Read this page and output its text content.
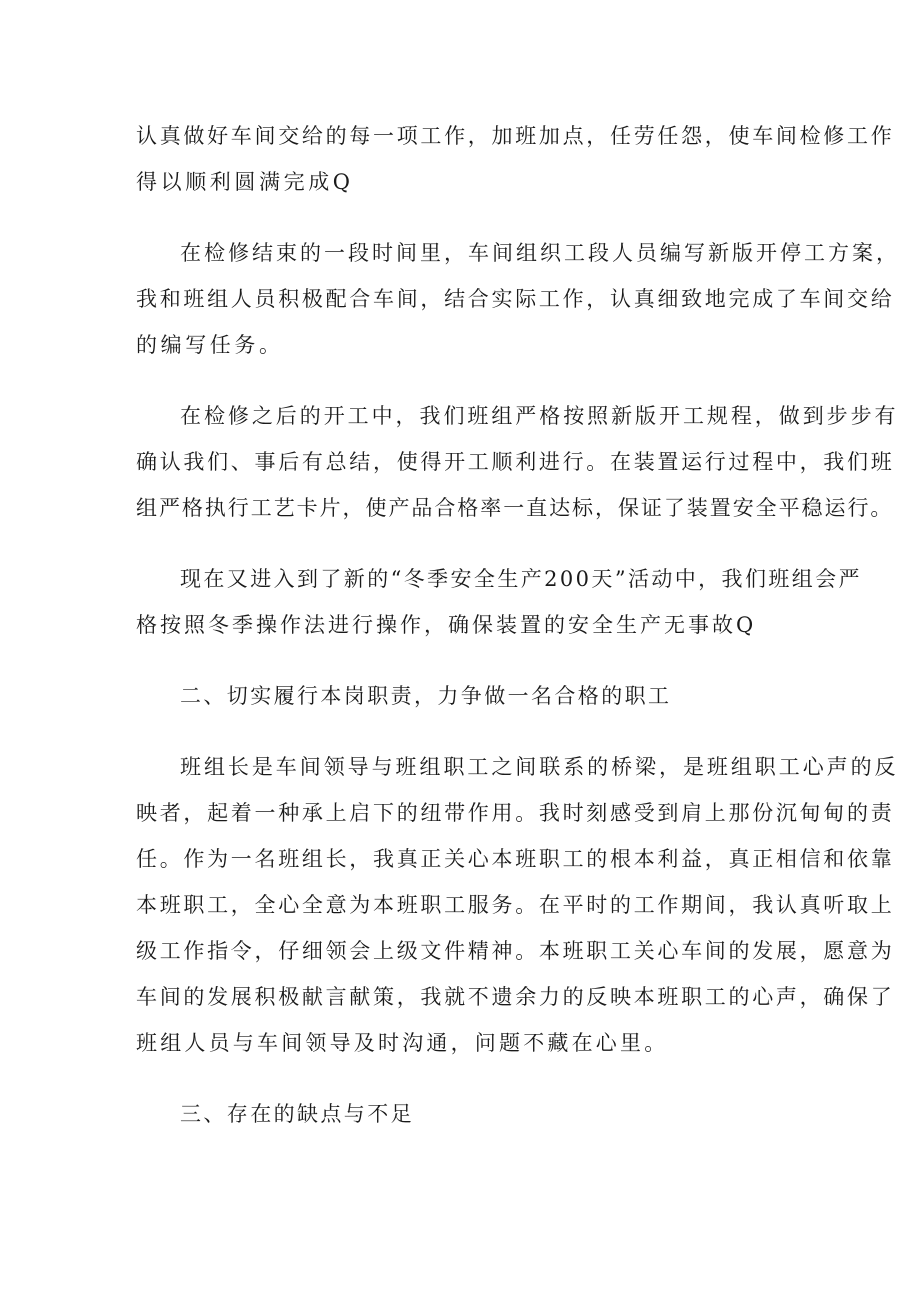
认真做好车间交给的每一项工作，加班加点，任劳任怨，使车间检修工作

得以顺利圆满完成Q

在检修结束的一段时间里，车间组织工段人员编写新版开停工方案，

我和班组人员积极配合车间，结合实际工作，认真细致地完成了车间交给

的编写任务。

在检修之后的开工中，我们班组严格按照新版开工规程，做到步步有

确认我们、事后有总结，使得开工顺利进行。在装置运行过程中，我们班

组严格执行工艺卡片，使产品合格率一直达标，保证了装置安全平稳运行。

现在又进入到了新的“冬季安全生产200天”活动中，我们班组会严

格按照冬季操作法进行操作，确保装置的安全生产无事故Q

二、切实履行本岗职责，力争做一名合格的职工

班组长是车间领导与班组职工之间联系的桥梁，是班组职工心声的反

映者，起着一种承上启下的纽带作用。我时刻感受到肩上那份沉甸甸的责

任。作为一名班组长，我真正关心本班职工的根本利益，真正相信和依靠

本班职工，全心全意为本班职工服务。在平时的工作期间，我认真听取上

级工作指令，仔细领会上级文件精神。本班职工关心车间的发展，愿意为

车间的发展积极献言献策，我就不遗余力的反映本班职工的心声，确保了

班组人员与车间领导及时沟通，问题不藏在心里。

三、存在的缺点与不足
